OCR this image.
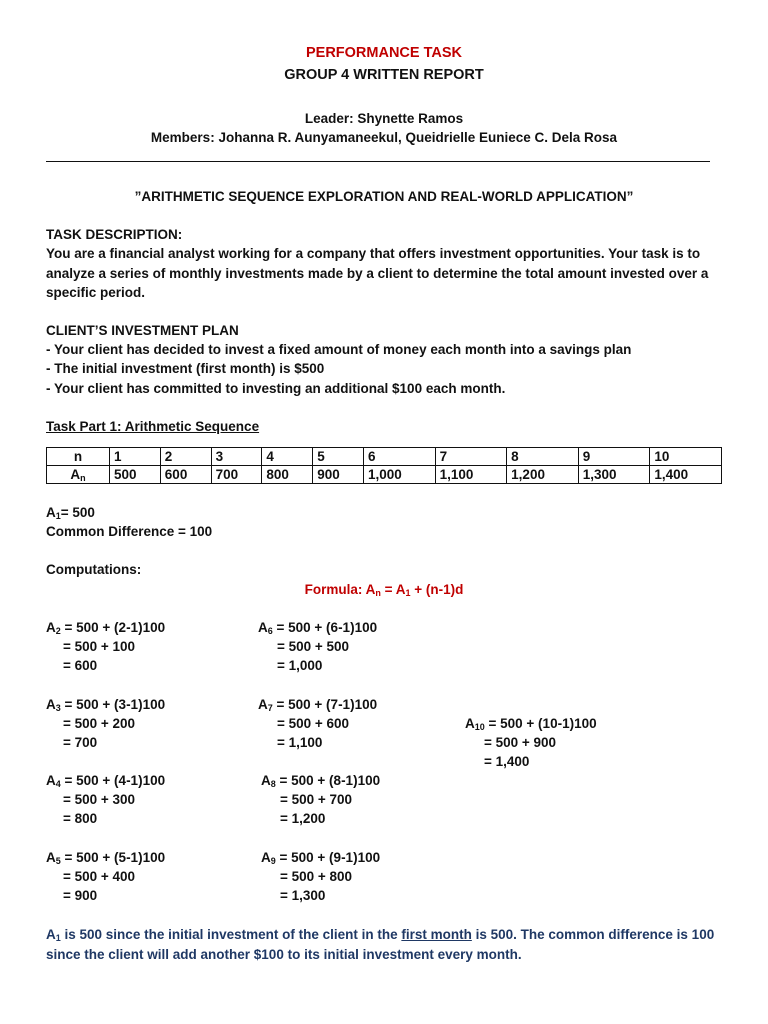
PERFORMANCE TASK
GROUP 4 WRITTEN REPORT
Leader: Shynette Ramos
Members: Johanna R. Aunyamaneekul, Queidrielle Euniece C. Dela Rosa
”ARITHMETIC SEQUENCE EXPLORATION AND REAL-WORLD APPLICATION”
TASK DESCRIPTION:
You are a financial analyst working for a company that offers investment opportunities. Your task is to analyze a series of monthly investments made by a client to determine the total amount invested over a specific period.
CLIENT’S INVESTMENT PLAN
- Your client has decided to invest a fixed amount of money each month into a savings plan
- The initial investment (first month) is $500
- Your client has committed to investing an additional $100 each month.
Task Part 1: Arithmetic Sequence
n	1	2	3	4	5	6	7	8	9	10
$A_n$	500	600	700	800	900	1,000	1,100	1,200	1,300	1,400
$A_1= 500$
Common Difference = 100
Computations:
Formula: $A_n = A_1 + (n-1)d$
$A_2 = 500 + (2-1)100$
= 500 + 100
= 600
$A_3 = 500 + (3-1)100$
= 500 + 200
= 700
$A_4 = 500 + (4-1)100$
= 500 + 300
= 800
$A_5 = 500 + (5-1)100$
= 500 + 400
= 900
$A_6 = 500 + (6-1)100$
= 500 + 500
= 1,000
$A_7 = 500 + (7-1)100$
= 500 + 600
= 1,100
$A_8 = 500 + (8-1)100$
= 500 + 700
= 1,200
$A_9 = 500 + (9-1)100$
= 500 + 800
= 1,300
$A_{10} = 500 + (10-1)100$
= 500 + 900
= 1,400
$A_1$ is 500 since the initial investment of the client in the first month is 500. The common difference is 100 since the client will add another $100 to its initial investment every month.
